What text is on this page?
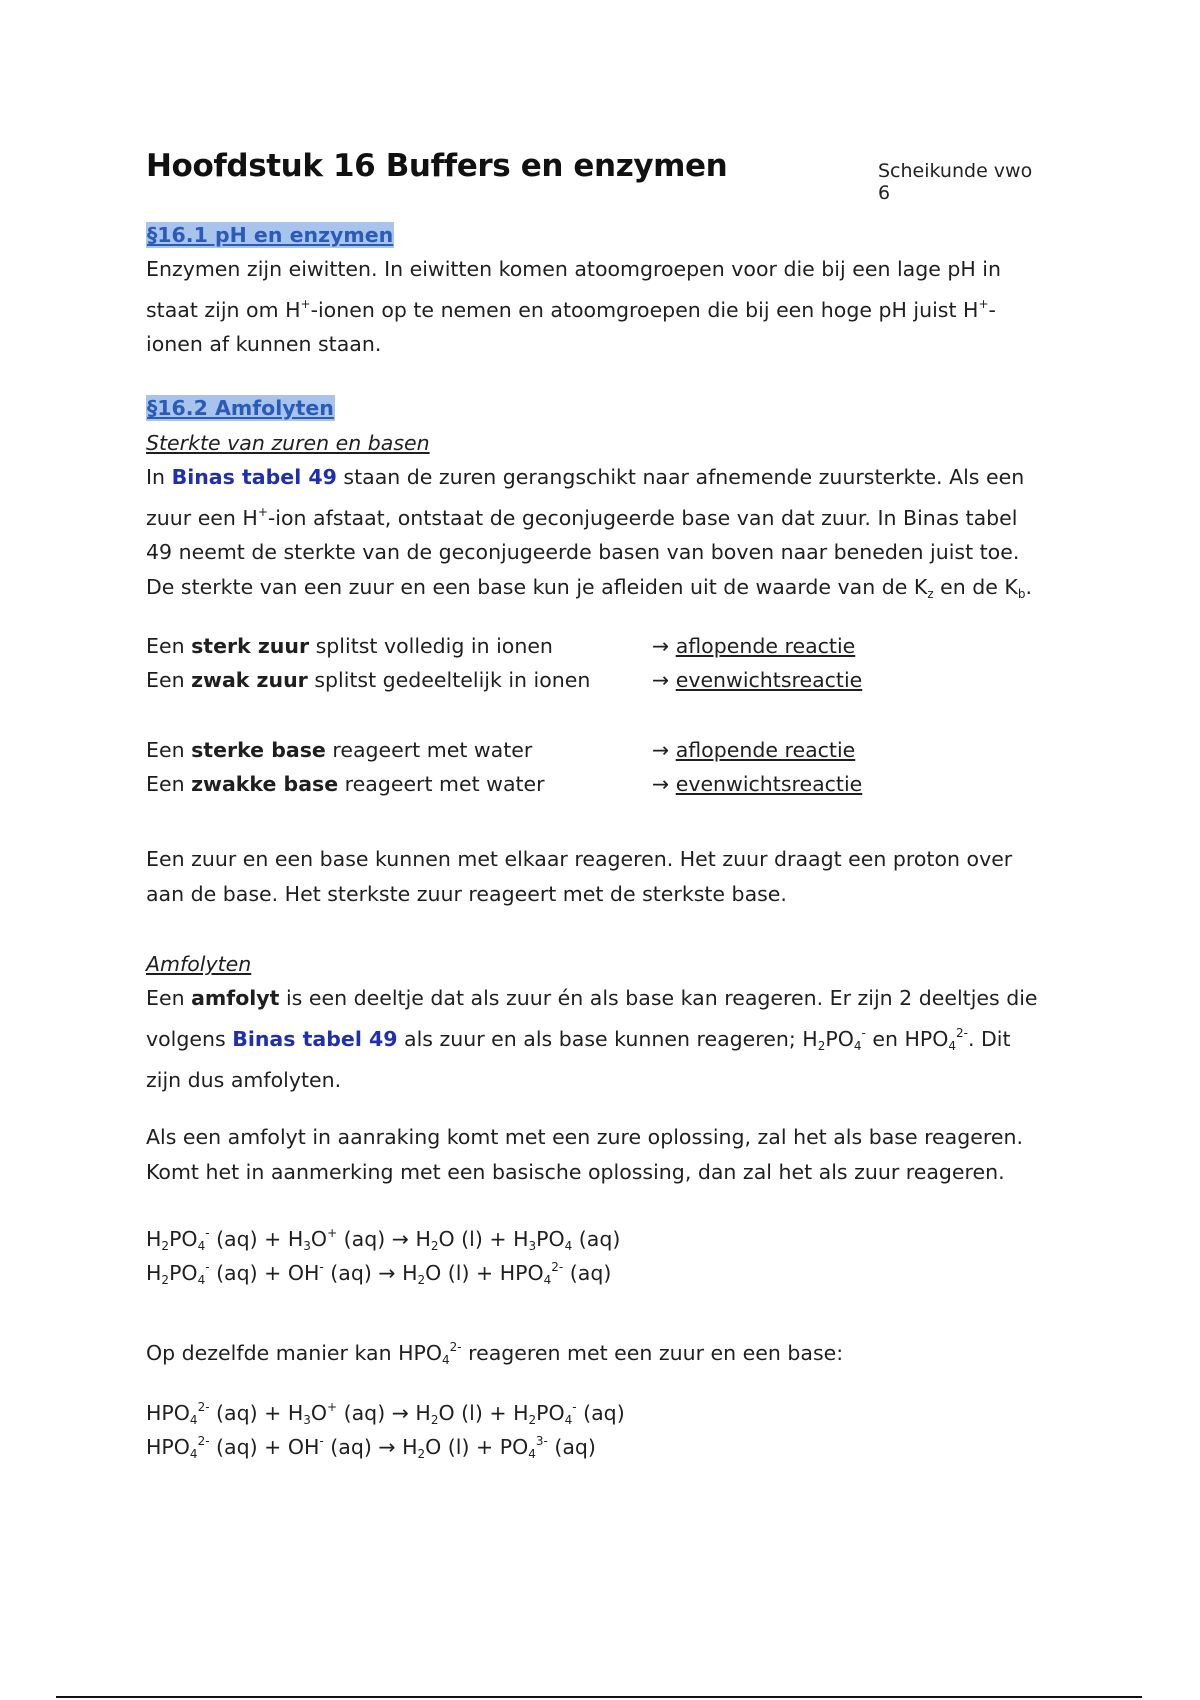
Hoofdstuk 16 Buffers en enzymen	Scheikunde vwo 6
§16.1 pH en enzymen
Enzymen zijn eiwitten. In eiwitten komen atoomgroepen voor die bij een lage pH in staat zijn om H+-ionen op te nemen en atoomgroepen die bij een hoge pH juist H+-ionen af kunnen staan.
§16.2 Amfolyten
Sterkte van zuren en basen
In Binas tabel 49 staan de zuren gerangschikt naar afnemende zuursterkte. Als een zuur een H+-ion afstaat, ontstaat de geconjugeerde base van dat zuur. In Binas tabel 49 neemt de sterkte van de geconjugeerde basen van boven naar beneden juist toe. De sterkte van een zuur en een base kun je afleiden uit de waarde van de $K_z$ en de $K_b$.
Een sterk zuur splitst volledig in ionen	→ aflopende reactie
Een zwak zuur splitst gedeeltelijk in ionen	→ evenwichtsreactie
Een sterke base reageert met water	→ aflopende reactie
Een zwakke base reageert met water	→ evenwichtsreactie
Een zuur en een base kunnen met elkaar reageren. Het zuur draagt een proton over aan de base. Het sterkste zuur reageert met de sterkste base.
Amfolyten
Een amfolyt is een deeltje dat als zuur én als base kan reageren. Er zijn 2 deeltjes die volgens Binas tabel 49 als zuur en als base kunnen reageren; $H_2PO_4^-$ en $HPO_4^{2-}$. Dit zijn dus amfolyten.
Als een amfolyt in aanraking komt met een zure oplossing, zal het als base reageren. Komt het in aanmerking met een basische oplossing, dan zal het als zuur reageren.
$H_2PO_4^-$ $(aq) + H_3O^+$ $(aq) \to H_2O$ $(l) + H_3PO_4$ (aq)
$H_2PO_4^-$ (aq) + OH- $(aq) \to H_2O$ $(l) + HPO_4^{2-}$ (aq)
Op dezelfde manier kan $HPO_4^{2-}$ reageren met een zuur en een base:
$HPO_4^{2-}$ $(aq) + H_3O^+$ $(aq) \to H_2O$ $(l) + H_2PO_4^-$ (aq)
$HPO_4^{2-}$ (aq) + OH- $(aq) \to H_2O$ $(l) + PO_4^{3-}$ (aq)
